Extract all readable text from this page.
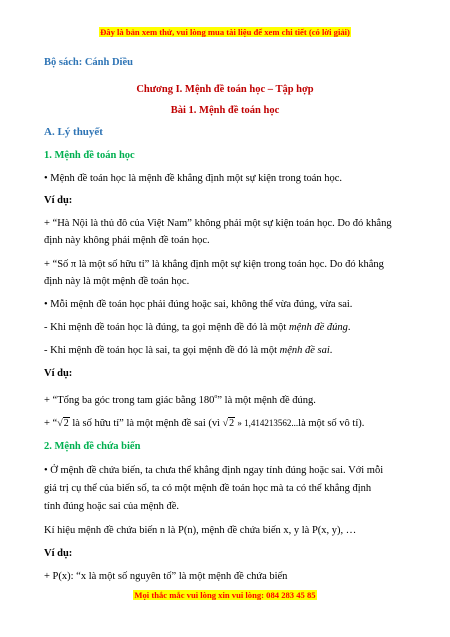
Đây là bản xem thử, vui lòng mua tài liệu để xem chi tiết (có lời giải)
Bộ sách: Cánh Diều
Chương I. Mệnh đề toán học – Tập hợp
Bài 1. Mệnh đề toán học
A. Lý thuyết
1. Mệnh đề toán học
• Mệnh đề toán học là mệnh đề khẳng định một sự kiện trong toán học.
Ví dụ:
+ “Hà Nội là thủ đô của Việt Nam” không phải một sự kiện toán học. Do đó khẳng
định này không phải mệnh đề toán học.
+ “Số π là một số hữu tỉ” là khẳng định một sự kiện trong toán học. Do đó khẳng
định này là một mệnh đề toán học.
• Mỗi mệnh đề toán học phải đúng hoặc sai, không thể vừa đúng, vừa sai.
- Khi mệnh đề toán học là đúng, ta gọi mệnh đề đó là một mệnh đề đúng.
- Khi mệnh đề toán học là sai, ta gọi mệnh đề đó là một mệnh đề sai.
Ví dụ:
+ “Tổng ba góc trong tam giác bằng 180$^o$” là một mệnh đề đúng.
+ “√2 là số hữu tỉ” là một mệnh đề sai (vì √2 » 1,414213562...là một số vô tỉ).
2. Mệnh đề chứa biến
• Ở mệnh đề chứa biến, ta chưa thể khẳng định ngay tính đúng hoặc sai. Với mỗi
giá trị cụ thể của biến số, ta có một mệnh đề toán học mà ta có thể khẳng định
tính đúng hoặc sai của mệnh đề.
Kí hiệu mệnh đề chứa biến n là P(n), mệnh đề chứa biến x, y là P(x, y), …
Ví dụ:
+ P(x): “x là một số nguyên tố” là một mệnh đề chứa biến
Mọi thắc mắc vui lòng xin vui lòng: 084 283 45 85
